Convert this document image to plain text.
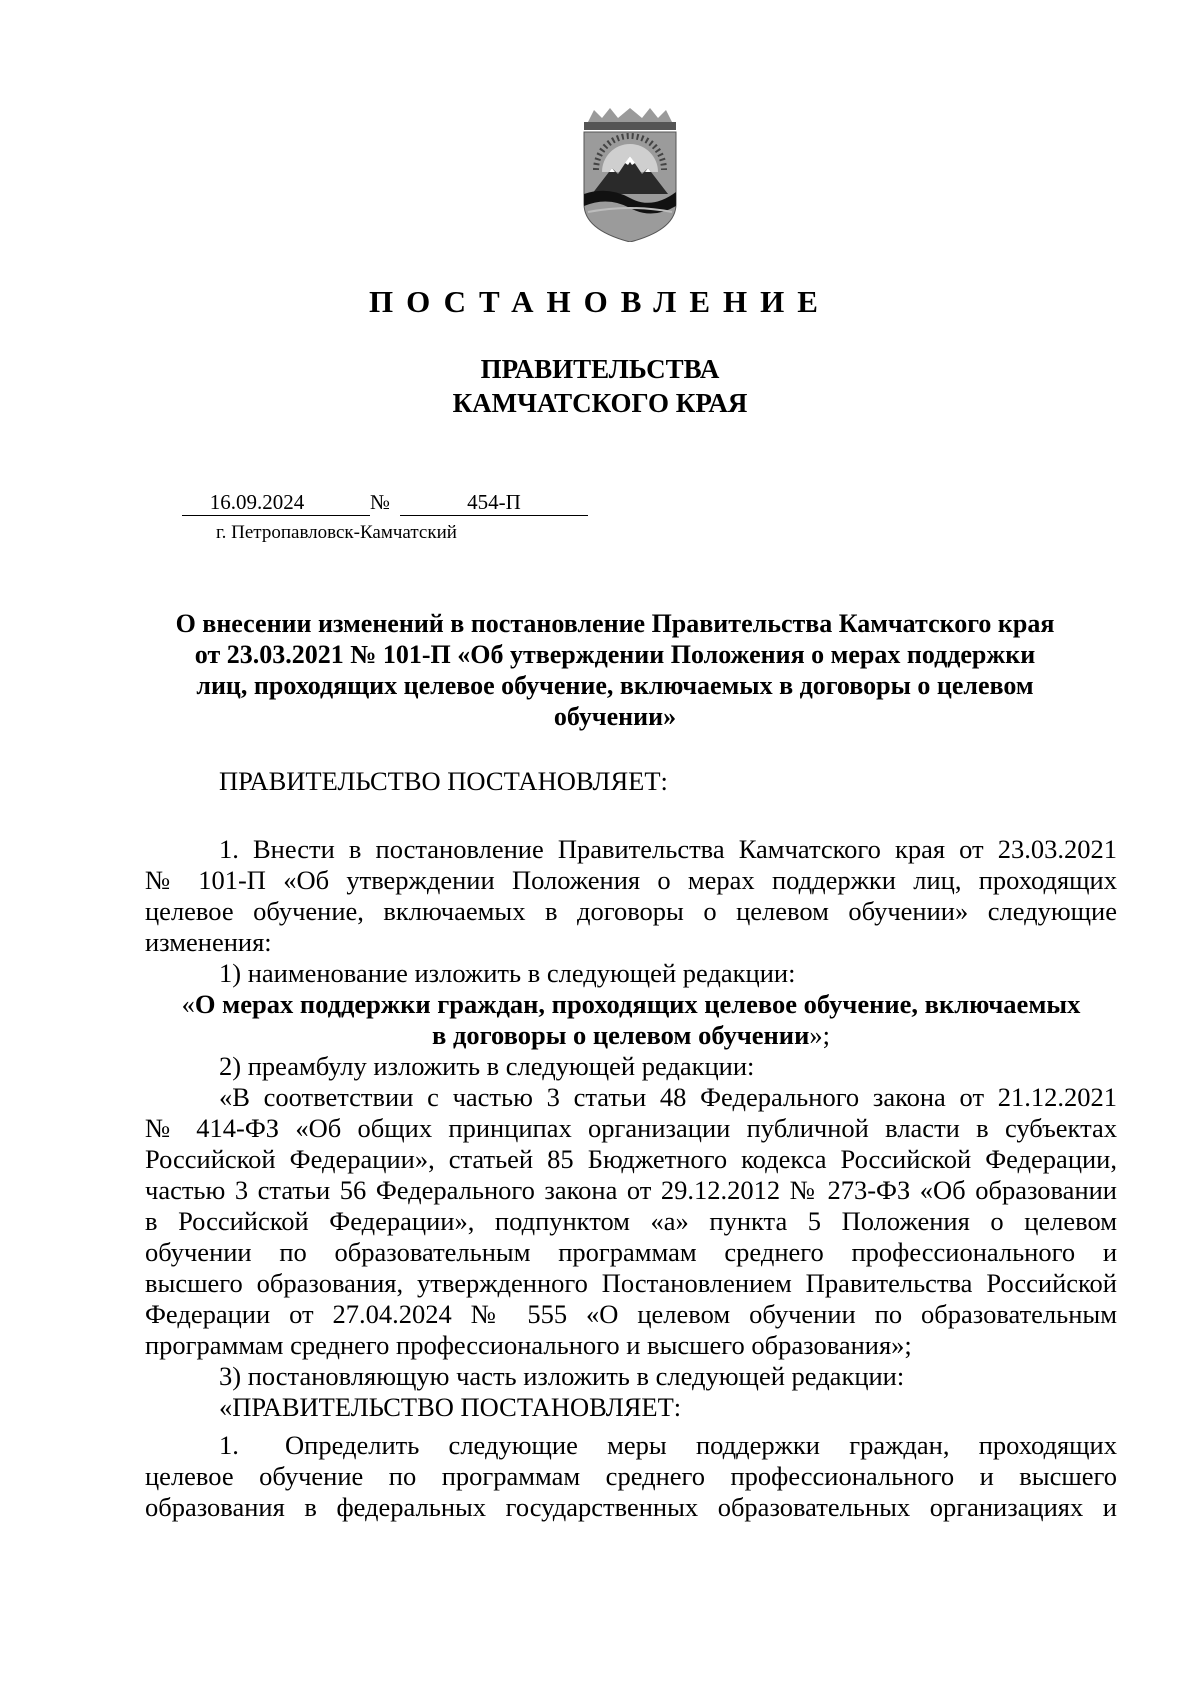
ПОСТАНОВЛЕНИЕ
ПРАВИТЕЛЬСТВА
КАМЧАТСКОГО КРАЯ
16.09.2024	№	454-П
г. Петропавловск-Камчатский
О внесении изменений в постановление Правительства Камчатского края
от 23.03.2021 № 101-П «Об утверждении Положения о мерах поддержки
лиц, проходящих целевое обучение, включаемых в договоры о целевом
обучении»
ПРАВИТЕЛЬСТВО ПОСТАНОВЛЯЕТ:
1. Внести в постановление Правительства Камчатского края от 23.03.2021
№ 101-П «Об утверждении Положения о мерах поддержки лиц, проходящих
целевое обучение, включаемых в договоры о целевом обучении» следующие
изменения:
1) наименование изложить в следующей редакции:
«О мерах поддержки граждан, проходящих целевое обучение, включаемых
в договоры о целевом обучении»;
2) преамбулу изложить в следующей редакции:
«В соответствии с частью 3 статьи 48 Федерального закона от 21.12.2021
№ 414-ФЗ «Об общих принципах организации публичной власти в субъектах
Российской Федерации», статьей 85 Бюджетного кодекса Российской Федерации,
частью 3 статьи 56 Федерального закона от 29.12.2012 № 273-ФЗ «Об образовании
в Российской Федерации», подпунктом «а» пункта 5 Положения о целевом
обучении по образовательным программам среднего профессионального и
высшего образования, утвержденного Постановлением Правительства Российской
Федерации от 27.04.2024 № 555 «О целевом обучении по образовательным
программам среднего профессионального и высшего образования»;
3) постановляющую часть изложить в следующей редакции:
«ПРАВИТЕЛЬСТВО ПОСТАНОВЛЯЕТ:
1. Определить следующие меры поддержки граждан, проходящих
целевое обучение по программам среднего профессионального и высшего
образования в федеральных государственных образовательных организациях и
